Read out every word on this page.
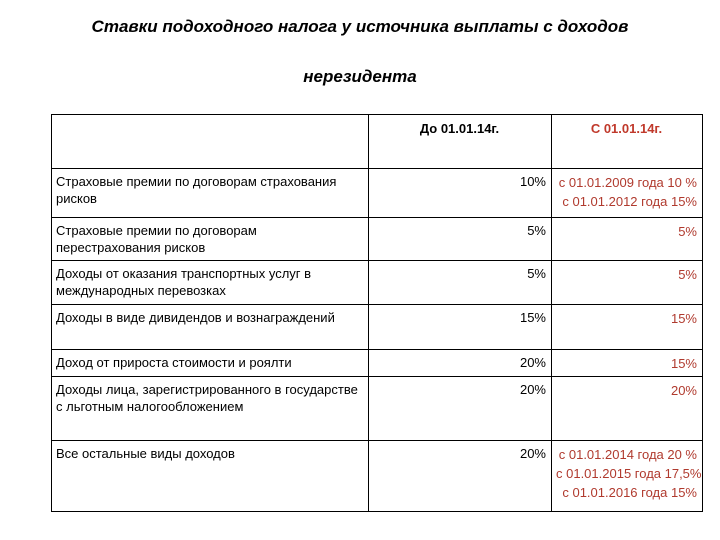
Ставки подоходного налога у источника выплаты с доходов
нерезидента
	До 01.01.14г.	С 01.01.14г.
Страховые премии по договорам страхования рисков	10%	с 01.01.2009 года 10 %
с 01.01.2012 года 15%

Страховые премии по договорам перестрахования рисков	5%	5%

Доходы от оказания транспортных услуг в международных перевозках	5%	5%

Доходы в виде дивидендов и вознаграждений	15%	15%

Доход от прироста стоимости и роялти	20%	15%

Доходы лица, зарегистрированного в государстве с льготным налогообложением	20%	20%

Все остальные виды доходов	20%	с 01.01.2014 года 20 %
с 01.01.2015 года 17,5%
с 01.01.2016 года 15%
